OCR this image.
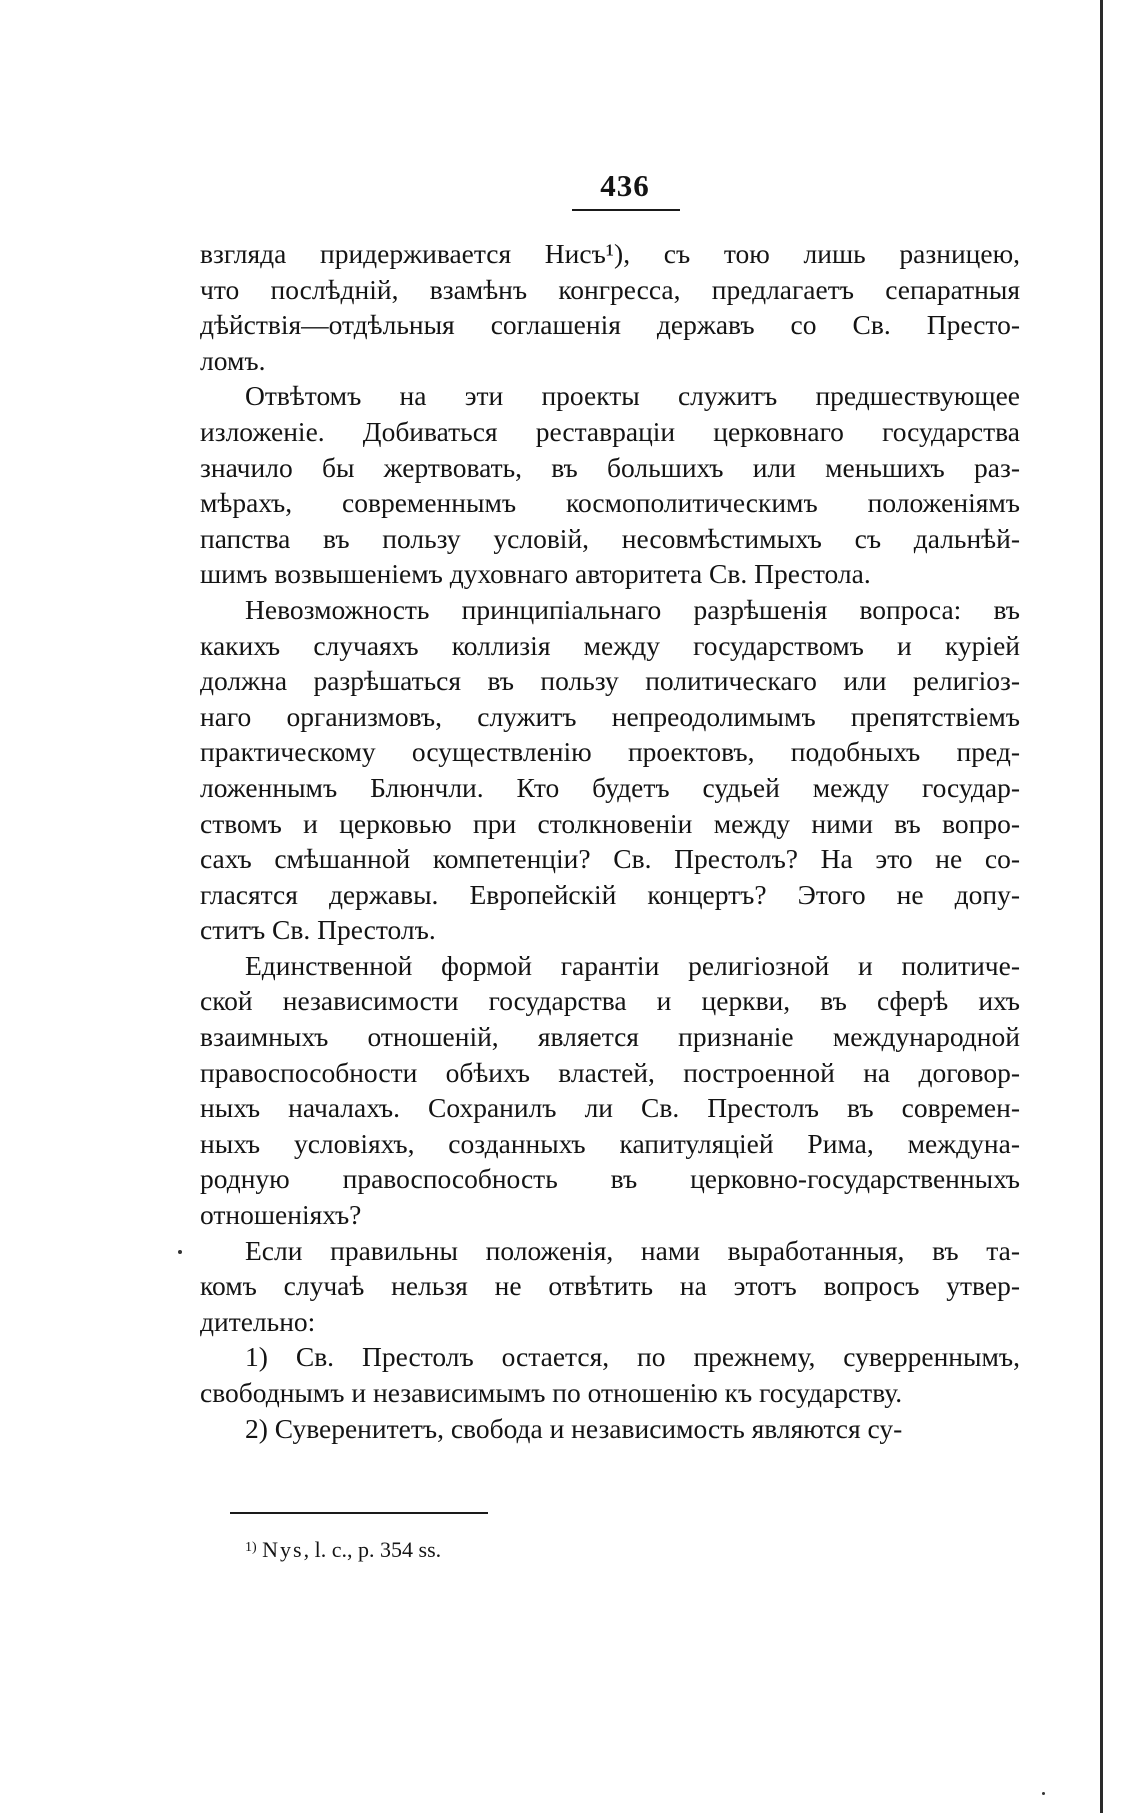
436
взгляда придерживается Нисъ¹), съ тою лишь разницею,
что послѣдній, взамѣнъ конгресса, предлагаетъ сепаратныя
дѣйствія—отдѣльныя соглашенія державъ со Св. Престо-
ломъ.
Отвѣтомъ на эти проекты служитъ предшествующее
изложеніе. Добиваться реставраціи церковнаго государства
значило бы жертвовать, въ большихъ или меньшихъ раз-
мѣрахъ, современнымъ космополитическимъ положеніямъ
папства въ пользу условій, несовмѣстимыхъ съ дальнѣй-
шимъ возвышеніемъ духовнаго авторитета Св. Престола.
Невозможность принципіальнаго разрѣшенія вопроса: въ
какихъ случаяхъ коллизія между государствомъ и куріей
должна разрѣшаться въ пользу политическаго или религіоз-
наго организмовъ, служитъ непреодолимымъ препятствіемъ
практическому осуществленію проектовъ, подобныхъ пред-
ложеннымъ Блюнчли. Кто будетъ судьей между государ-
ствомъ и церковью при столкновеніи между ними въ вопро-
сахъ смѣшанной компетенціи? Св. Престолъ? На это не со-
гласятся державы. Европейскій концертъ? Этого не допу-
ститъ Св. Престолъ.
Единственной формой гарантіи религіозной и политиче-
ской независимости государства и церкви, въ сферѣ ихъ
взаимныхъ отношеній, является признаніе международной
правоспособности обѣихъ властей, построенной на договор-
ныхъ началахъ. Сохранилъ ли Св. Престолъ въ современ-
ныхъ условіяхъ, созданныхъ капитуляціей Рима, междуна-
родную правоспособность въ церковно-государственныхъ
отношеніяхъ?
Если правильны положенія, нами выработанныя, въ та-
комъ случаѣ нельзя не отвѣтить на этотъ вопросъ утвер-
дительно:
1) Св. Престолъ остается, по прежнему, суверреннымъ,
свободнымъ и независимымъ по отношенію къ государству.
2) Суверенитетъ, свобода и независимость являются су-
$^{1)}$ Nys, l. c., p. 354 ss.
